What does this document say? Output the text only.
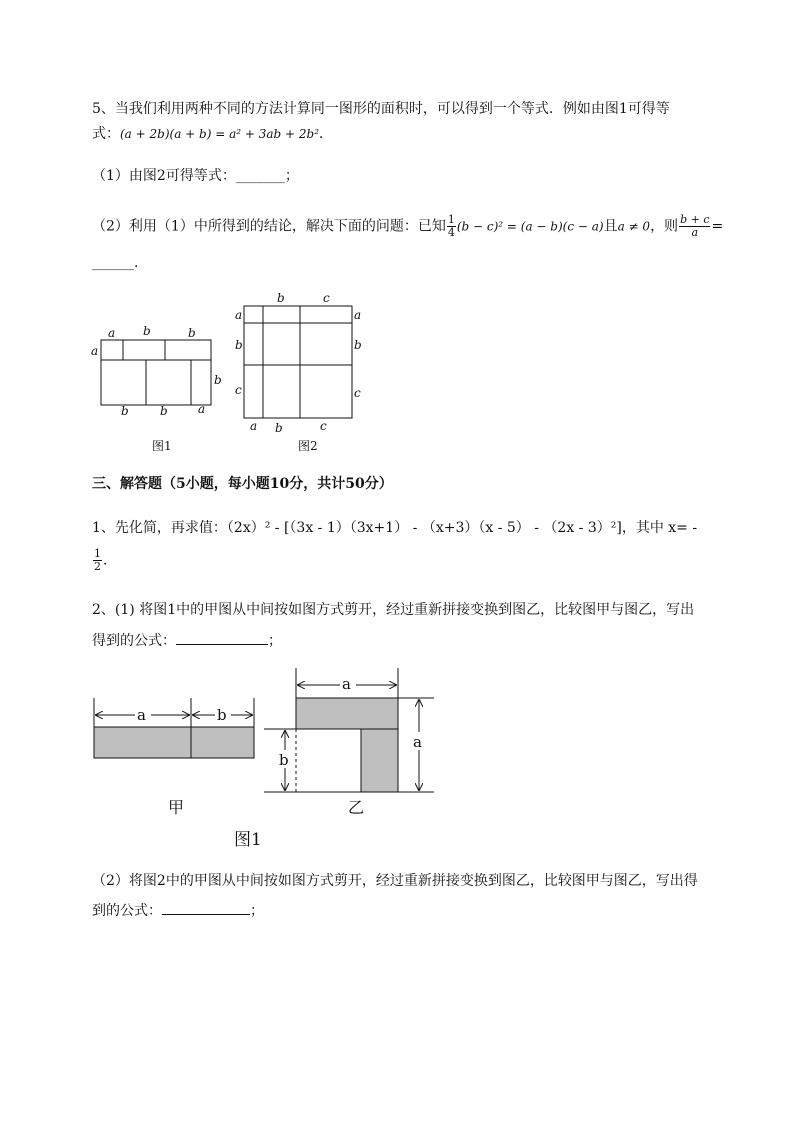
5、当我们利用两种不同的方法计算同一图形的面积时，可以得到一个等式．例如由图1可得等
式：(a + 2b)(a + b) = a² + 3ab + 2b²．
（1）由图2可得等式：_______；
（2）利用（1）中所得到的结论，解决下面的问题：已知 $\frac{1}{4} (b - c)^2 = (a - b)(c - a)$且a ≠ 0，则 $\frac{b + c}{a}$ =
______.
a b	b
a
b
b	b	a
图1
b	c
a
b
c
a
b
c
a b	c
图2
三、解答题（5小题，每小题10分，共计50分）
1、先化简，再求值：（2x）² - [（3x - 1）（3x+1） - （x+3）（x - 5） - （2x - 3）²]，其中 x= -
$\frac{1}{2}$ ．
2、(1) 将图1中的甲图从中间按如图方式剪开，经过重新拼接变换到图乙，比较图甲与图乙，写出
得到的公式：	；
a	b
甲
a
a
b
乙
图1
（2）将图2中的甲图从中间按如图方式剪开，经过重新拼接变换到图乙，比较图甲与图乙，写出得
到的公式：	；
